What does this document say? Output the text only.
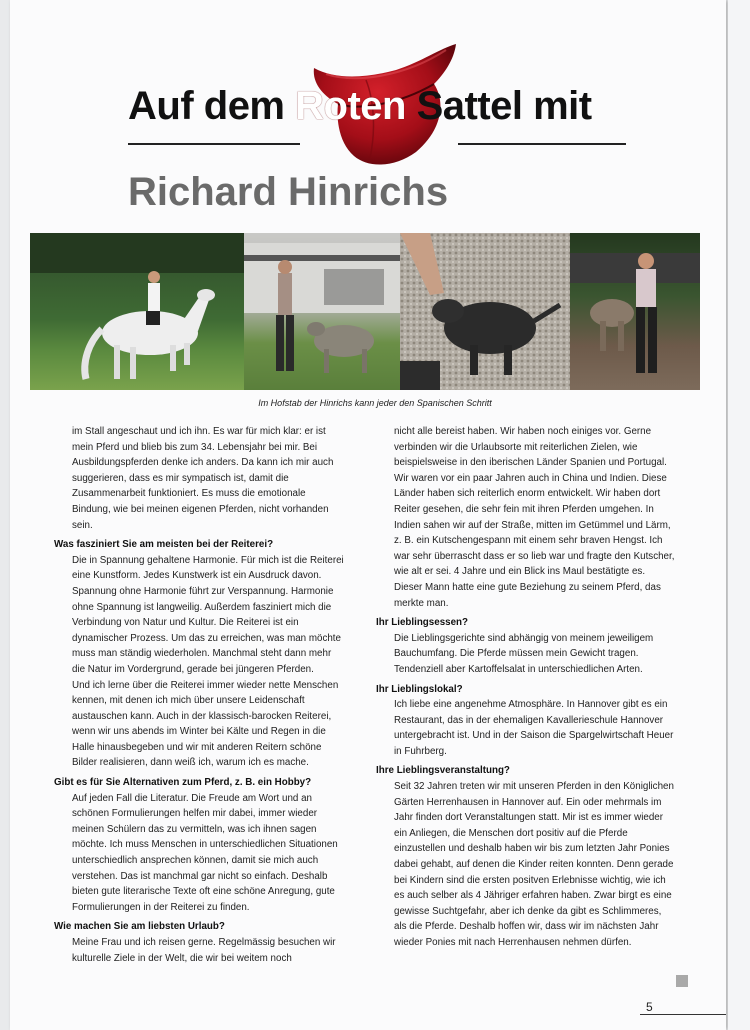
Auf dem Roten Sattel mit
Richard Hinrichs
Im Hofstab der Hinrichs kann jeder den Spanischen Schritt

im Stall angeschaut und ich ihn. Es war für mich klar: er ist mein Pferd und blieb bis zum 34. Lebensjahr bei mir. Bei Ausbildungspferden denke ich anders. Da kann ich mir auch suggerieren, dass es mir sympatisch ist, damit die Zusammenarbeit funktioniert. Es muss die emotionale Bindung, wie bei meinen eigenen Pferden, nicht vorhanden sein.

Was fasziniert Sie am meisten bei der Reiterei?

Die in Spannung gehaltene Harmonie. Für mich ist die Reiterei eine Kunstform. Jedes Kunstwerk ist ein Ausdruck davon. Spannung ohne Harmonie führt zur Verspannung. Harmonie ohne Spannung ist langweilig. Außerdem fasziniert mich die Verbindung von Natur und Kultur. Die Reiterei ist ein dynamischer Prozess. Um das zu erreichen, was man möchte muss man ständig wiederholen. Manchmal steht dann mehr die Natur im Vordergrund, gerade bei jüngeren Pferden.

Und ich lerne über die Reiterei immer wieder nette Menschen kennen, mit denen ich mich über unsere Leidenschaft austauschen kann. Auch in der klassisch-barocken Reiterei, wenn wir uns abends im Winter bei Kälte und Regen in die Halle hinausbegeben und wir mit anderen Reitern schöne Bilder realisieren, dann weiß ich, warum ich es mache.

Gibt es für Sie Alternativen zum Pferd, z. B. ein Hobby?

Auf jeden Fall die Literatur. Die Freude am Wort und an schönen Formulierungen helfen mir dabei, immer wieder meinen Schülern das zu vermitteln, was ich ihnen sagen möchte. Ich muss Menschen in unterschiedlichen Situationen unterschiedlich ansprechen können, damit sie mich auch verstehen. Das ist manchmal gar nicht so einfach. Deshalb bieten gute literarische Texte oft eine schöne Anregung, gute Formulierungen in der Reiterei zu finden.

Wie machen Sie am liebsten Urlaub?

Meine Frau und ich reisen gerne. Regelmässig besuchen wir kulturelle Ziele in der Welt, die wir bei weitem noch

nicht alle bereist haben. Wir haben noch einiges vor. Gerne verbinden wir die Urlaubsorte mit reiterlichen Zielen, wie beispielsweise in den iberischen Länder Spanien und Portugal. Wir waren vor ein paar Jahren auch in China und Indien. Diese Länder haben sich reiterlich enorm entwickelt. Wir haben dort Reiter gesehen, die sehr fein mit ihren Pferden umgehen. In Indien sahen wir auf der Straße, mitten im Getümmel und Lärm, z. B. ein Kutschengespann mit einem sehr braven Hengst. Ich war sehr überrascht dass er so lieb war und fragte den Kutscher, wie alt er sei. 4 Jahre und ein Blick ins Maul bestätigte es. Dieser Mann hatte eine gute Beziehung zu seinem Pferd, das merkte man.

Ihr Lieblingsessen?

Die Lieblingsgerichte sind abhängig von meinem jeweiligem Bauchumfang. Die Pferde müssen mein Gewicht tragen. Tendenziell aber Kartoffelsalat in unterschiedlichen Arten.

Ihr Lieblingslokal?

Ich liebe eine angenehme Atmosphäre. In Hannover gibt es ein Restaurant, das in der ehemaligen Kavallerieschule Hannover untergebracht ist. Und in der Saison die Spargelwirtschaft Heuer in Fuhrberg.

Ihre Lieblingsveranstaltung?

Seit 32 Jahren treten wir mit unseren Pferden in den Königlichen Gärten Herrenhausen in Hannover auf. Ein oder mehrmals im Jahr finden dort Veranstaltungen statt. Mir ist es immer wieder ein Anliegen, die Menschen dort positiv auf die Pferde einzustellen und deshalb haben wir bis zum letzten Jahr Ponies dabei gehabt, auf denen die Kinder reiten konnten. Denn gerade bei Kindern sind die ersten positven Erlebnisse wichtig, wie ich es auch selber als 4 Jähriger erfahren haben. Zwar birgt es eine gewisse Suchtgefahr, aber ich denke da gibt es Schlimmeres, als die Pferde. Deshalb hoffen wir, dass wir im nächsten Jahr wieder Ponies mit nach Herrenhausen nehmen dürfen.

5
